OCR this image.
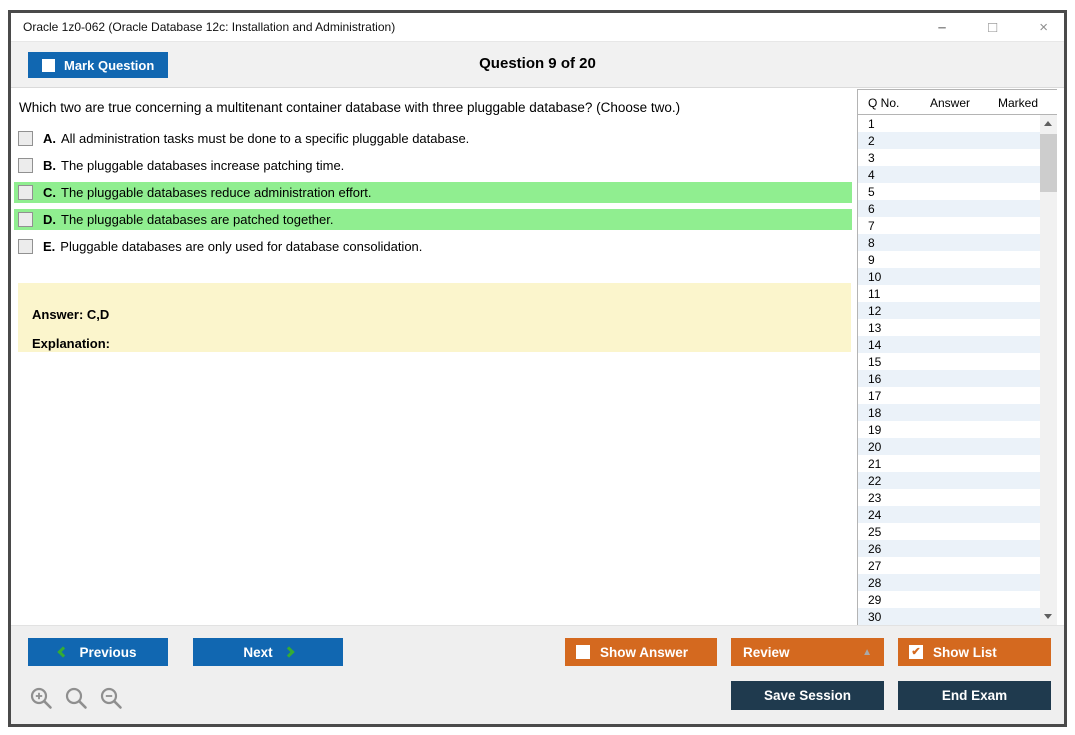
Oracle 1z0-062 (Oracle Database 12c: Installation and Administration)	–	□	×
Mark Question	Question 9 of 20
Which two are true concerning a multitenant container database with three pluggable database? (Choose two.)
A. All administration tasks must be done to a specific pluggable database.
B. The pluggable databases increase patching time.
C. The pluggable databases reduce administration effort.
D. The pluggable databases are patched together.
E. Pluggable databases are only used for database consolidation.
Answer: C,D
Explanation:
Q No.	Answer Marked
1
2
3
4
5
6
7
8
9
10
11
12
13
14
15
16
17
18
19
20
21
22
23
24
25
26
27
28
29
30
Previous	Next	Show Answer	Review	▲	✔ Show List
Save Session	End Exam
